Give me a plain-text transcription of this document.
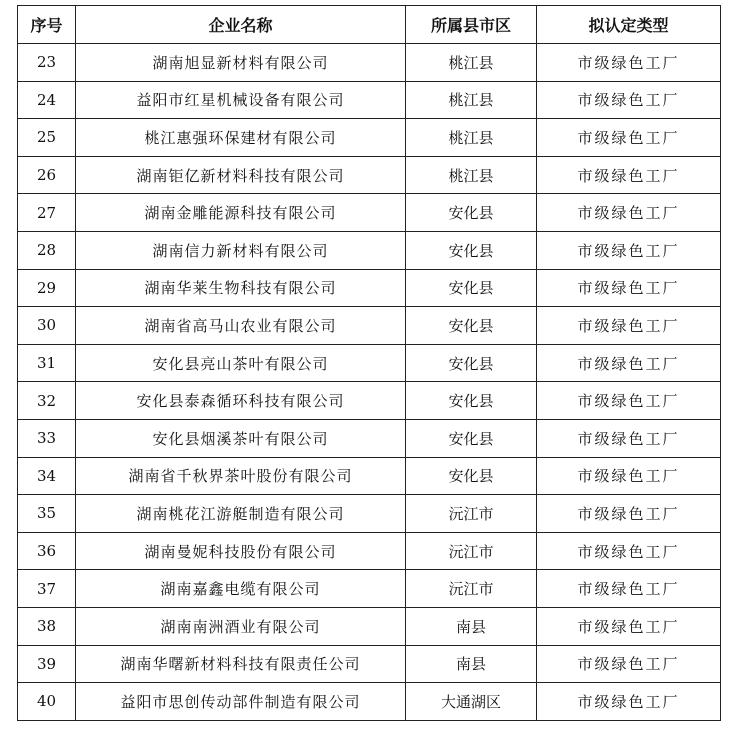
序号	企业名称	所属县市区	拟认定类型
23	湖南旭显新材料有限公司	桃江县	市级绿色工厂
24	益阳市红星机械设备有限公司	桃江县	市级绿色工厂
25	桃江惠强环保建材有限公司	桃江县	市级绿色工厂
26	湖南钜亿新材料科技有限公司	桃江县	市级绿色工厂
27	湖南金雕能源科技有限公司	安化县	市级绿色工厂
28	湖南信力新材料有限公司	安化县	市级绿色工厂
29	湖南华莱生物科技有限公司	安化县	市级绿色工厂
30	湖南省高马山农业有限公司	安化县	市级绿色工厂
31	安化县亮山茶叶有限公司	安化县	市级绿色工厂
32	安化县泰森循环科技有限公司	安化县	市级绿色工厂
33	安化县烟溪茶叶有限公司	安化县	市级绿色工厂
34	湖南省千秋界茶叶股份有限公司	安化县	市级绿色工厂
35	湖南桃花江游艇制造有限公司	沅江市	市级绿色工厂
36	湖南曼妮科技股份有限公司	沅江市	市级绿色工厂
37	湖南嘉鑫电缆有限公司	沅江市	市级绿色工厂
38	湖南南洲酒业有限公司	南县	市级绿色工厂
39	湖南华曙新材料科技有限责任公司	南县	市级绿色工厂
40	益阳市思创传动部件制造有限公司	大通湖区	市级绿色工厂
